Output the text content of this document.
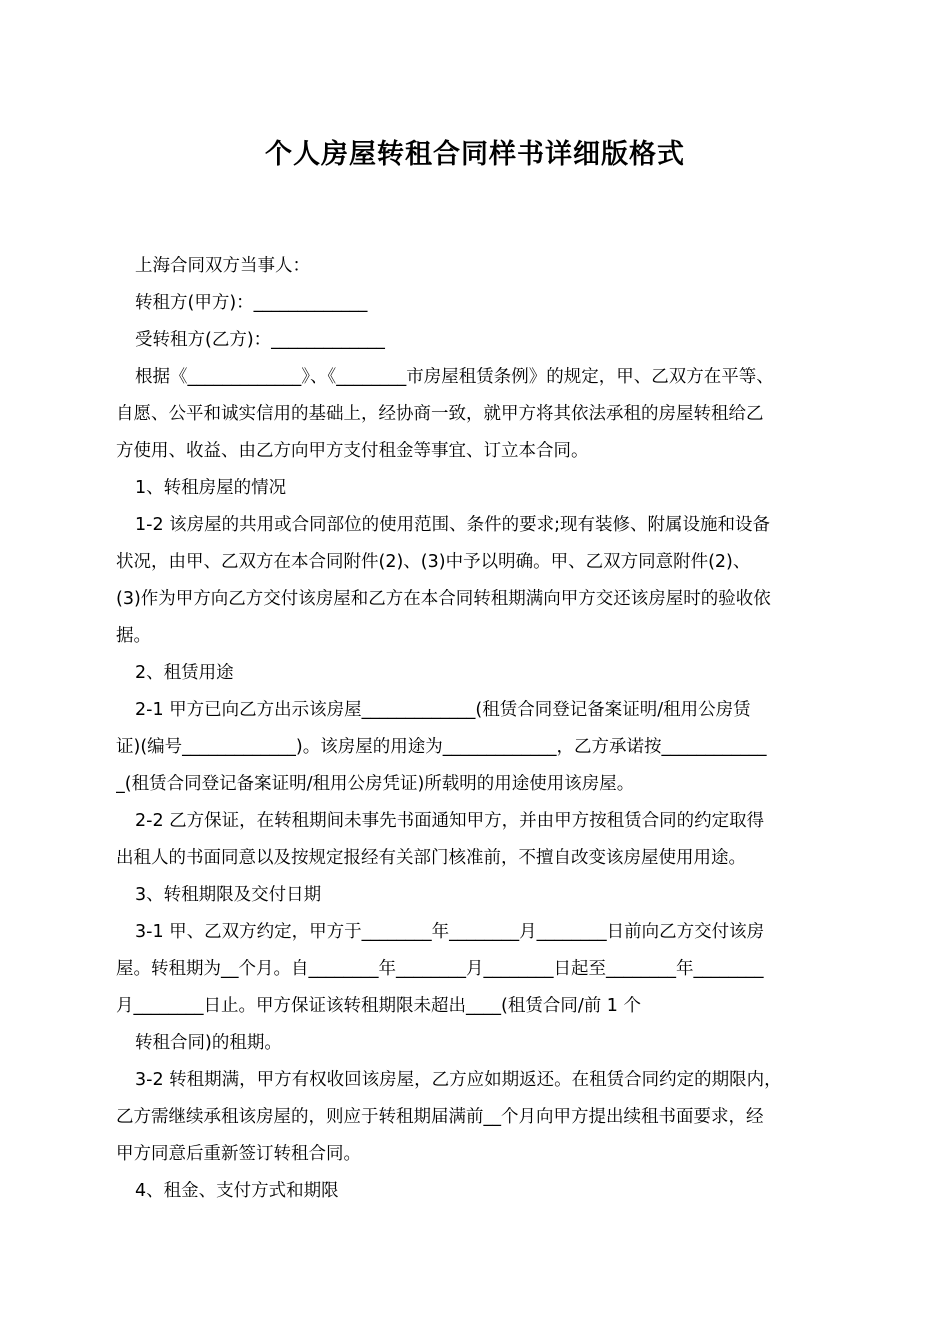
个人房屋转租合同样书详细版格式
上海合同双方当事人：
转租方(甲方)：_____________
受转租方(乙方)：_____________
根据《_____________》、《________市房屋租赁条例》的规定，甲、乙双方在平等、
自愿、公平和诚实信用的基础上，经协商一致，就甲方将其依法承租的房屋转租给乙
方使用、收益、由乙方向甲方支付租金等事宜、订立本合同。
1、转租房屋的情况
1-2 该房屋的共用或合同部位的使用范围、条件的要求;现有装修、附属设施和设备
状况，由甲、乙双方在本合同附件(2)、(3)中予以明确。甲、乙双方同意附件(2)、
(3)作为甲方向乙方交付该房屋和乙方在本合同转租期满向甲方交还该房屋时的验收依
据。
2、租赁用途
2-1 甲方已向乙方出示该房屋_____________(租赁合同登记备案证明/租用公房赁
证)(编号_____________)。该房屋的用途为_____________，乙方承诺按____________
_(租赁合同登记备案证明/租用公房凭证)所载明的用途使用该房屋。
2-2 乙方保证，在转租期间未事先书面通知甲方，并由甲方按租赁合同的约定取得
出租人的书面同意以及按规定报经有关部门核准前，不擅自改变该房屋使用用途。
3、转租期限及交付日期
3-1 甲、乙双方约定，甲方于________年________月________日前向乙方交付该房
屋。转租期为__个月。自________年________月________日起至________年________
月________日止。甲方保证该转租期限未超出____(租赁合同/前 1 个
转租合同)的租期。
3-2 转租期满，甲方有权收回该房屋，乙方应如期返还。在租赁合同约定的期限内，
乙方需继续承租该房屋的，则应于转租期届满前__个月向甲方提出续租书面要求，经
甲方同意后重新签订转租合同。
4、租金、支付方式和期限
